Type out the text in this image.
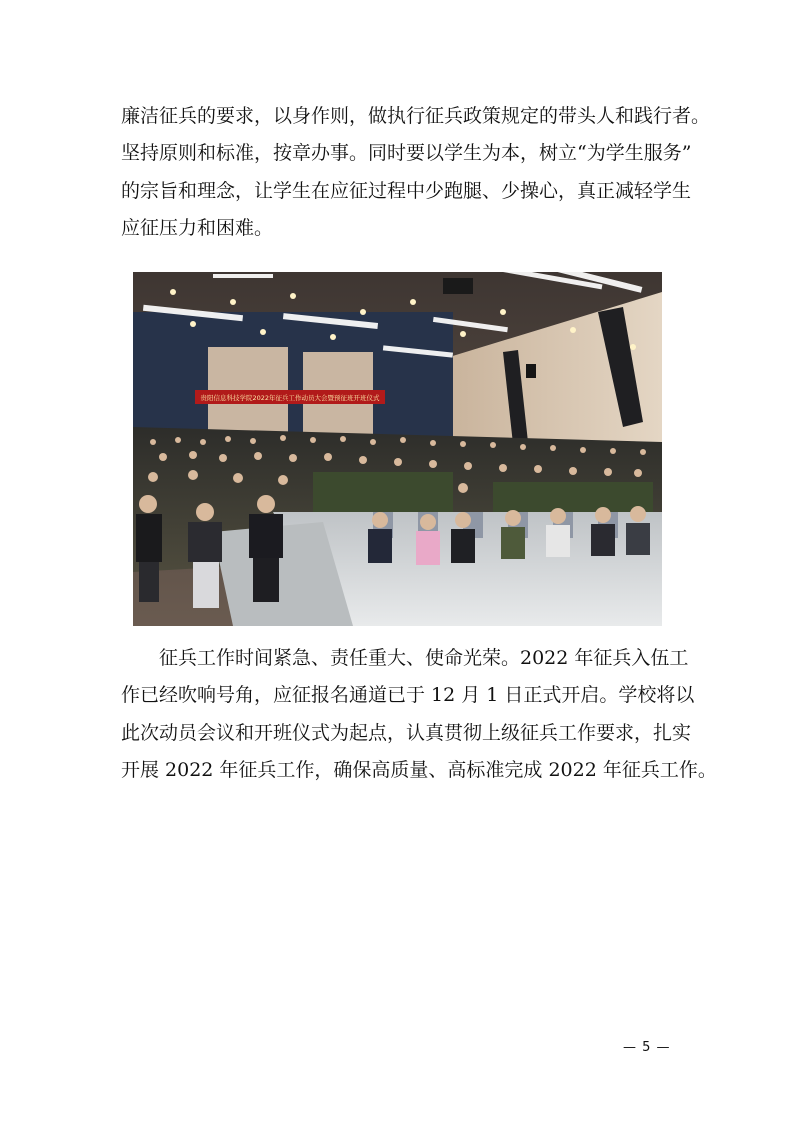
廉洁征兵的要求，以身作则，做执行征兵政策规定的带头人和践行者。
坚持原则和标准，按章办事。同时要以学生为本，树立“为学生服务”
的宗旨和理念，让学生在应征过程中少跑腿、少操心，真正减轻学生
应征压力和困难。
贵阳信息科技学院2022年征兵工作动员大会暨预征班开班仪式
征兵工作时间紧急、责任重大、使命光荣。2022 年征兵入伍工
作已经吹响号角，应征报名通道已于 12 月 1 日正式开启。学校将以
此次动员会议和开班仪式为起点，认真贯彻上级征兵工作要求，扎实
开展 2022 年征兵工作，确保高质量、高标准完成 2022 年征兵工作。
— 5 —
